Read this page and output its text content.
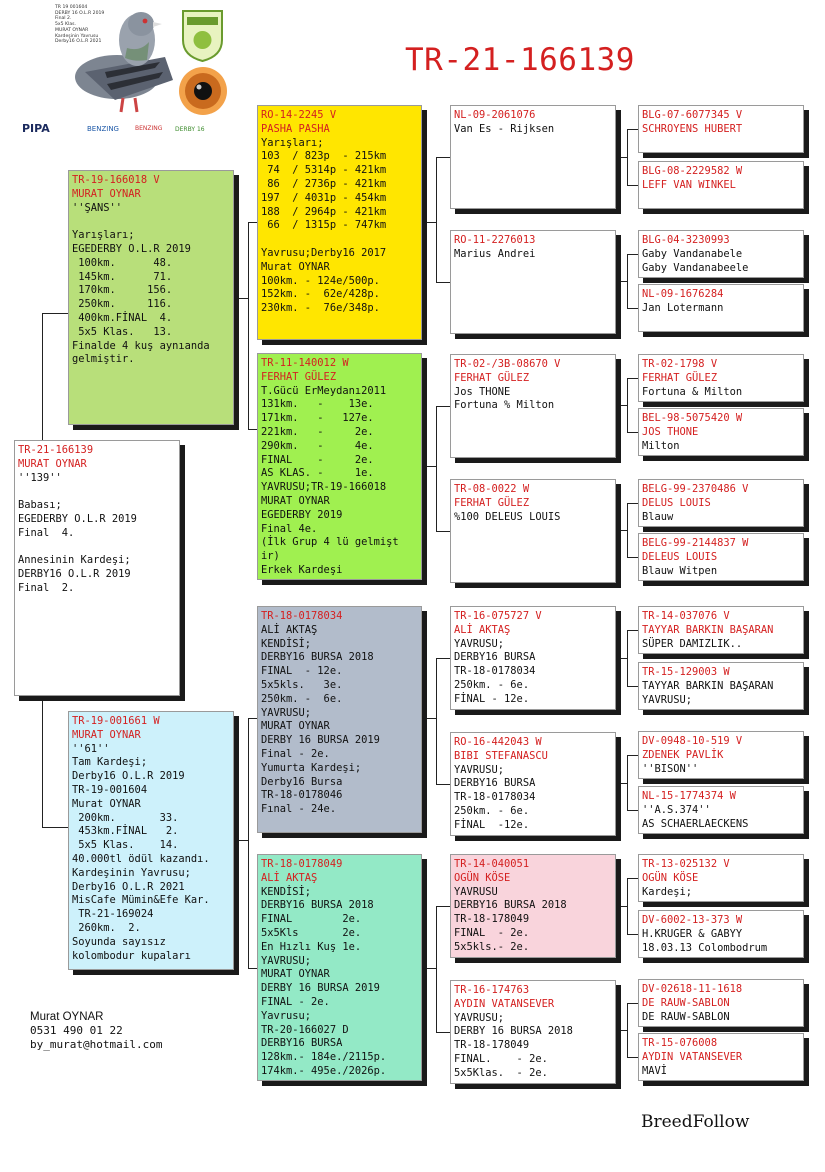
TR 19 001604
DERBY 16 O.L.R 2019
Final 2.
5x5 Klas.
MURAT OYNAR
Kardeşinin Yavrusu
Derby16 O.L.R 2021
PIPA	BENZING	BENZING DERBY 16
TR-21-166139
TR-21-166139
MURAT OYNAR
''139''

Babası;
EGEDERBY O.L.R 2019
Final  4.

Annesinin Kardeşi;
DERBY16 O.L.R 2019
Final  2.
TR-19-166018 V
MURAT OYNAR
''ŞANS''

Yarışları;
EGEDERBY O.L.R 2019
100km.      48.
145km.      71.
170km.     156.
250km.     116.
400km.FİNAL  4.
5x5 Klas.   13.
Finalde 4 kuş aynıanda
gelmiştir.
TR-19-001661 W
MURAT OYNAR
''61''
Tam Kardeşi;
Derby16 O.L.R 2019
TR-19-001604
Murat OYNAR
200km.       33.
453km.FİNAL   2.
5x5 Klas.    14.
40.000tl ödül kazandı.
Kardeşinin Yavrusu;
Derby16 O.L.R 2021
MisCafe Mümin&Efe Kar.
TR-21-169024
260km.  2.
Soyunda sayısız
kolombodur kupaları
RO-14-2245 V
PASHA PASHA
Yarışları;
103  / 823p  - 215km
74  / 5314p - 421km
86  / 2736p - 421km
197  / 4031p - 454km
188  / 2964p - 421km
66  / 1315p - 747km

Yavrusu;Derby16 2017
Murat OYNAR
100km. - 124e/500p.
152km. -  62e/428p.
230km. -  76e/348p.
TR-11-140012 W
FERHAT GÜLEZ
T.Gücü ErMeydanı2011
131km.   -    13e.
171km.   -   127e.
221km.   -     2e.
290km.   -     4e.
FINAL    -     2e.
AS KLAS. -     1e.
YAVRUSU;TR-19-166018
MURAT OYNAR
EGEDERBY 2019
Final 4e.
(İlk Grup 4 lü gelmişt
ir)
Erkek Kardeşi
TR-18-0178034
ALİ AKTAŞ
KENDİSİ;
DERBY16 BURSA 2018
FINAL  - 12e.
5x5kls.   3e.
250km. -  6e.
YAVRUSU;
MURAT OYNAR
DERBY 16 BURSA 2019
Final - 2e.
Yumurta Kardeşi;
Derby16 Bursa
TR-18-0178046
Fınal - 24e.
TR-18-0178049
ALİ AKTAŞ
KENDİSİ;
DERBY16 BURSA 2018
FINAL        2e.
5x5Kls       2e.
En Hızlı Kuş 1e.
YAVRUSU;
MURAT OYNAR
DERBY 16 BURSA 2019
FINAL - 2e.
Yavrusu;
TR-20-166027 D
DERBY16 BURSA
128km.- 184e./2115p.
174km.- 495e./2026p.
NL-09-2061076
Van Es - Rijksen
RO-11-2276013
Marius Andrei
TR-02-/3B-08670 V
FERHAT GÜLEZ
Jos THONE
Fortuna % Milton
TR-08-0022 W
FERHAT GÜLEZ
%100 DELEUS LOUIS
TR-16-075727 V
ALİ AKTAŞ
YAVRUSU;
DERBY16 BURSA
TR-18-0178034
250km. - 6e.
FİNAL - 12e.
RO-16-442043 W
BIBI STEFANASCU
YAVRUSU;
DERBY16 BURSA
TR-18-0178034
250km. - 6e.
FİNAL  -12e.
TR-14-040051
OGÜN KÖSE
YAVRUSU
DERBY16 BURSA 2018
TR-18-178049
FINAL  - 2e.
5x5kls.- 2e.
TR-16-174763
AYDIN VATANSEVER
YAVRUSU;
DERBY 16 BURSA 2018
TR-18-178049
FINAL.    - 2e.
5x5Klas.  - 2e.
BLG-07-6077345 V
SCHROYENS HUBERT
BLG-08-2229582 W
LEFF VAN WINKEL
BLG-04-3230993
Gaby Vandanabele
Gaby Vandanabeele
NL-09-1676284
Jan Lotermann
TR-02-1798 V
FERHAT GÜLEZ
Fortuna & Milton
BEL-98-5075420 W
JOS THONE
Milton
BELG-99-2370486 V
DELUS LOUIS
Blauw
BELG-99-2144837 W
DELEUS LOUIS
Blauw Witpen
TR-14-037076 V
TAYYAR BARKIN BAŞARAN
SÜPER DAMIZLIK..
TR-15-129003 W
TAYYAR BARKIN BAŞARAN
YAVRUSU;
DV-0948-10-519 V
ZDENEK PAVLİK
''BISON''
NL-15-1774374 W
''A.S.374''
AS SCHAERLAECKENS
TR-13-025132 V
OGÜN KÖSE
Kardeşi;
DV-6002-13-373 W
H.KRUGER & GABYY
18.03.13 Colombodrum
DV-02618-11-1618
DE RAUW-SABLON
DE RAUW-SABLON
TR-15-076008
AYDIN VATANSEVER
MAVİ
Murat OYNAR
0531 490 01 22
by_murat@hotmail.com
BreedFollow
